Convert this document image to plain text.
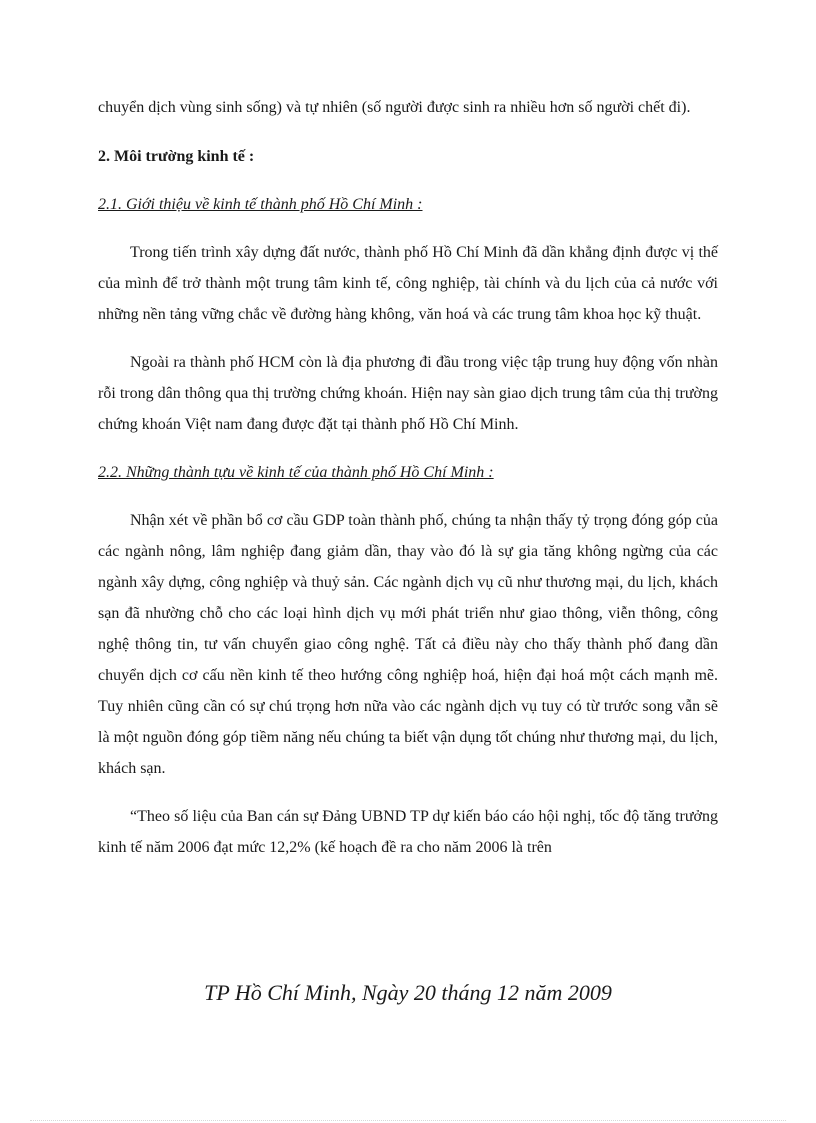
chuyển dịch vùng sinh sống) và tự nhiên (số người được sinh ra nhiều hơn số người chết đi).

2. Môi trường kinh tế :

2.1. Giới thiệu về kinh tế thành phố Hồ Chí Minh :

Trong tiến trình xây dựng đất nước, thành phố Hồ Chí Minh đã dần khẳng định được vị thế của mình để trở thành một trung tâm kinh tế, công nghiệp, tài chính và du lịch của cả nước với những nền tảng vững chắc về đường hàng không, văn hoá và các trung tâm khoa học kỹ thuật.

Ngoài ra thành phố HCM còn là địa phương đi đầu trong việc tập trung huy động vốn nhàn rỗi trong dân thông qua thị trường chứng khoán. Hiện nay sàn giao dịch trung tâm của thị trường chứng khoán Việt nam đang được đặt tại thành phố Hồ Chí Minh.

2.2. Những thành tựu về kinh tế của thành phố Hồ Chí Minh :

Nhận xét về phần bổ cơ cầu GDP toàn thành phố, chúng ta nhận thấy tỷ trọng đóng góp của các ngành nông, lâm nghiệp đang giảm dần, thay vào đó là sự gia tăng không ngừng của các ngành xây dựng, công nghiệp và thuỷ sản. Các ngành dịch vụ cũ như thương mại, du lịch, khách sạn đã nhường chỗ cho các loại hình dịch vụ mới phát triển như giao thông, viễn thông, công nghệ thông tin, tư vấn chuyển giao công nghệ. Tất cả điều này cho thấy thành phố đang dần chuyển dịch cơ cấu nền kinh tế theo hướng công nghiệp hoá, hiện đại hoá một cách mạnh mẽ. Tuy nhiên cũng cần có sự chú trọng hơn nữa vào các ngành dịch vụ tuy có từ trước song vẫn sẽ là một nguồn đóng góp tiềm năng nếu chúng ta biết vận dụng tốt chúng như thương mại, du lịch, khách sạn.

“Theo số liệu của Ban cán sự Đảng UBND TP dự kiến báo cáo hội nghị, tốc độ tăng trưởng kinh tế năm 2006 đạt mức 12,2% (kế hoạch đề ra cho năm 2006 là trên

TP Hồ Chí Minh, Ngày 20 tháng 12 năm 2009
